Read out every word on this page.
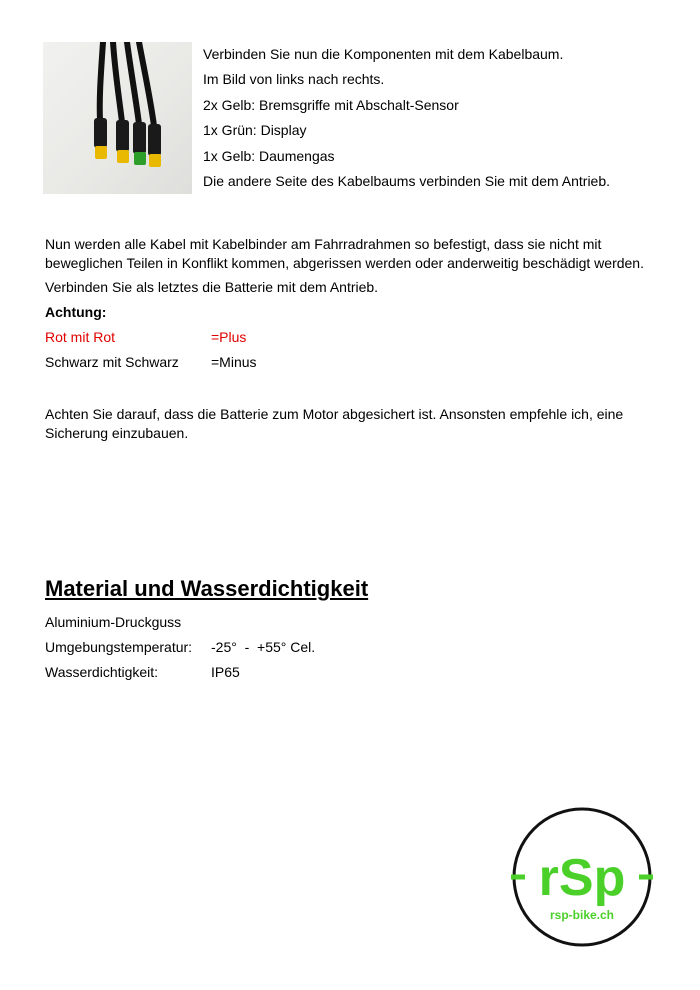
Verbinden Sie nun die Komponenten mit dem Kabelbaum.

Im Bild von links nach rechts.

2x Gelb: Bremsgriffe mit Abschalt-Sensor

1x Grün: Display

1x Gelb: Daumengas

Die andere Seite des Kabelbaums verbinden Sie mit dem Antrieb.

Nun werden alle Kabel mit Kabelbinder am Fahrradrahmen so befestigt, dass sie nicht mit beweglichen Teilen in Konflikt kommen, abgerissen werden oder anderweitig beschädigt werden.

Verbinden Sie als letztes die Batterie mit dem Antrieb.
Achtung:
Rot mit Rot	=Plus
Schwarz mit Schwarz =Minus

Achten Sie darauf, dass die Batterie zum Motor abgesichert ist. Ansonsten empfehle ich, eine Sicherung einzubauen.

Material und Wasserdichtigkeit
Aluminium-Druckguss
Umgebungstemperatur: -25°  -  +55° Cel.
Wasserdichtigkeit:	IP65
rSp
rsp-bike.ch
